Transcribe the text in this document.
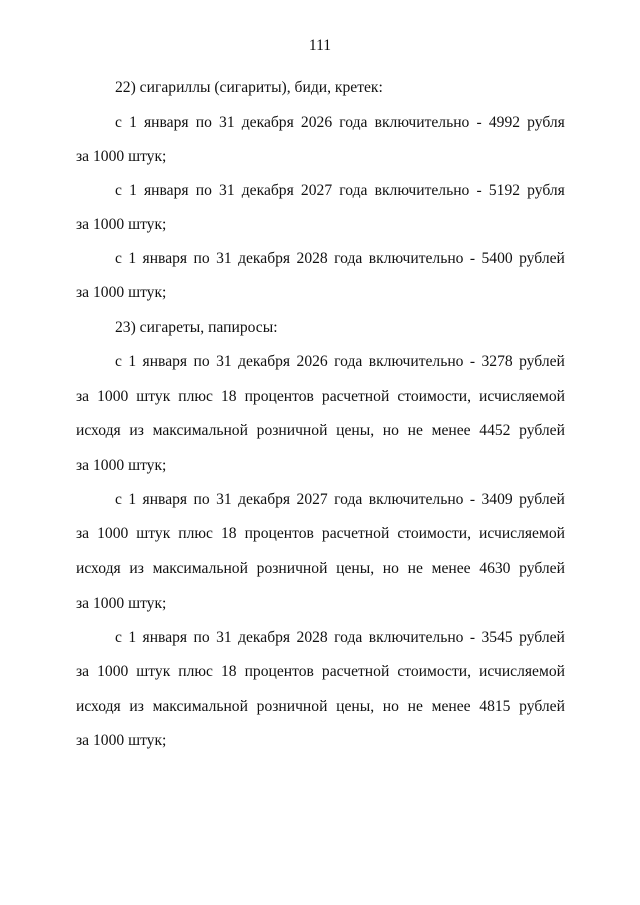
111
22) сигариллы (сигариты), биди, кретек:
с 1 января по 31 декабря 2026 года включительно - 4992 рубля
за 1000 штук;
с 1 января по 31 декабря 2027 года включительно - 5192 рубля
за 1000 штук;
с 1 января по 31 декабря 2028 года включительно - 5400 рублей
за 1000 штук;
23) сигареты, папиросы:
с 1 января по 31 декабря 2026 года включительно - 3278 рублей
за 1000 штук плюс 18 процентов расчетной стоимости, исчисляемой
исходя из максимальной розничной цены, но не менее 4452 рублей
за 1000 штук;
с 1 января по 31 декабря 2027 года включительно - 3409 рублей
за 1000 штук плюс 18 процентов расчетной стоимости, исчисляемой
исходя из максимальной розничной цены, но не менее 4630 рублей
за 1000 штук;
с 1 января по 31 декабря 2028 года включительно - 3545 рублей
за 1000 штук плюс 18 процентов расчетной стоимости, исчисляемой
исходя из максимальной розничной цены, но не менее 4815 рублей
за 1000 штук;
